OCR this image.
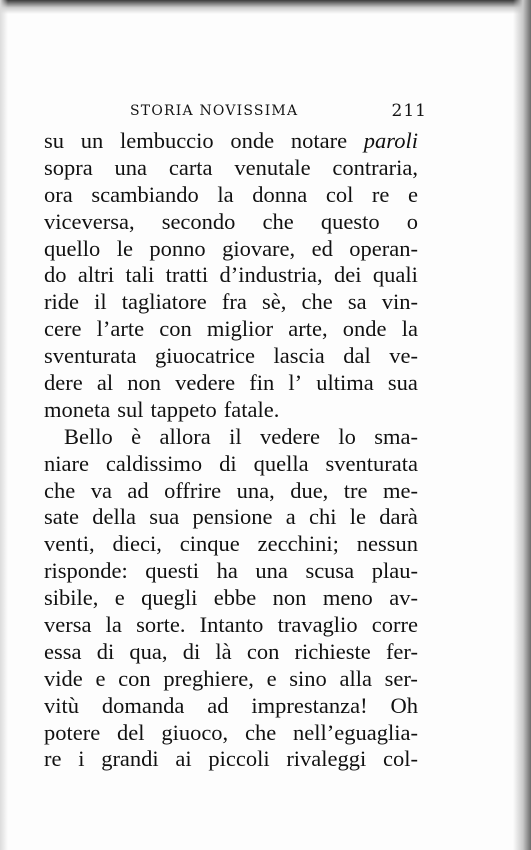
STORIA NOVISSIMA	211
su un lembuccio onde notare paroli
sopra una carta venutale contraria,
ora scambiando la donna col re e
viceversa, secondo che questo o
quello le ponno giovare, ed operan-
do altri tali tratti d’industria, dei quali
ride il tagliatore fra sè, che sa vin-
cere l’arte con miglior arte, onde la
sventurata giuocatrice lascia dal ve-
dere al non vedere fin l’ ultima sua
moneta sul tappeto fatale.
Bello è allora il vedere lo sma-
niare caldissimo di quella sventurata
che va ad offrire una, due, tre me-
sate della sua pensione a chi le darà
venti, dieci, cinque zecchini; nessun
risponde: questi ha una scusa plau-
sibile, e quegli ebbe non meno av-
versa la sorte. Intanto travaglio corre
essa di qua, di là con richieste fer-
vide e con preghiere, e sino alla ser-
vitù domanda ad imprestanza! Oh
potere del giuoco, che nell’eguaglia-
re i grandi ai piccoli rivaleggi col-
